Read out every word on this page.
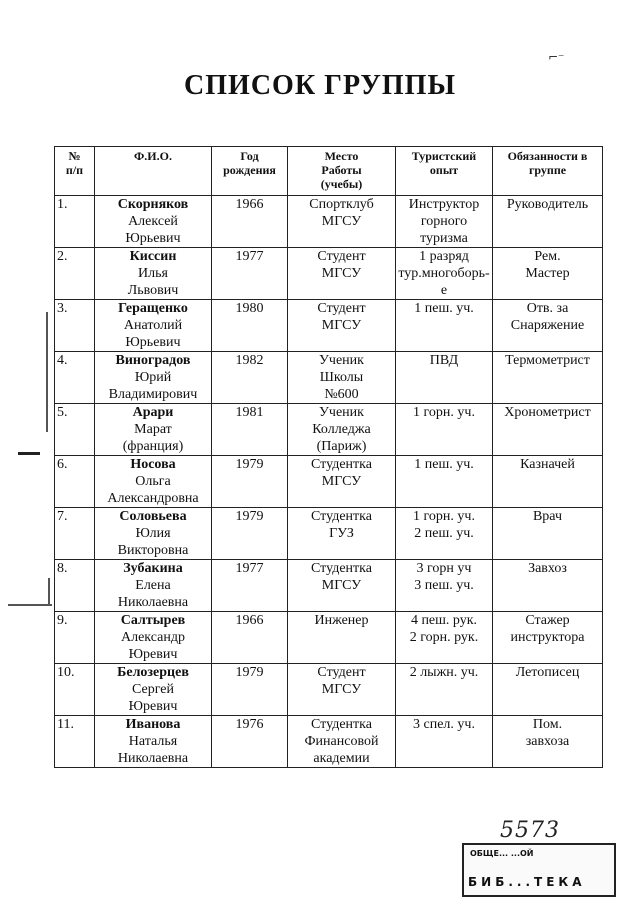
СПИСОК ГРУППЫ
№
п/п	Ф.И.О.	Год
рождения	Место
Работы
(учебы)	Туристский
опыт	Обязанности в
группе

1.	Скорняков
Алексей
Юрьевич	1966	Спортклуб
МГСУ	Инструктор
горного
туризма	Руководитель

2.	Киссин
Илья
Львович	1977	Студент
МГСУ	1 разряд
тур.многоборь-
е	Рем.
Мастер

3.	Геращенко
Анатолий
Юрьевич	1980	Студент
МГСУ	1 пеш. уч.	Отв. за
Снаряжение

4.	Виноградов
Юрий
Владимирович	1982	Ученик
Школы
№600	ПВД	Термометрист

5.	Арари
Марат
(франция)	1981	Ученик
Колледжа
(Париж)	1 горн. уч.	Хронометрист

6.	Носова
Ольга
Александровна	1979	Студентка
МГСУ	1 пеш. уч.	Казначей

7.	Соловьева
Юлия
Викторовна	1979	Студентка
ГУЗ	1 горн. уч.
2 пеш. уч.	Врач

8.	Зубакина
Елена
Николаевна	1977	Студентка
МГСУ	3 горн уч
3 пеш. уч.	Завхоз

9.	Салтырев
Александр
Юревич	1966	Инженер	4 пеш. рук.
2 горн. рук.	Стажер
инструктора

10.	Белозерцев
Сергей
Юревич	1979	Студент
МГСУ	2 лыжн. уч.	Летописец

11.	Иванова
Наталья
Николаевна	1976	Студентка
Финансовой
академии	3 спел. уч.	Пом.
завхоза
5573
ОБЩЕ... ...ОЙ
БИБ...ТЕКА
⌐⁻
